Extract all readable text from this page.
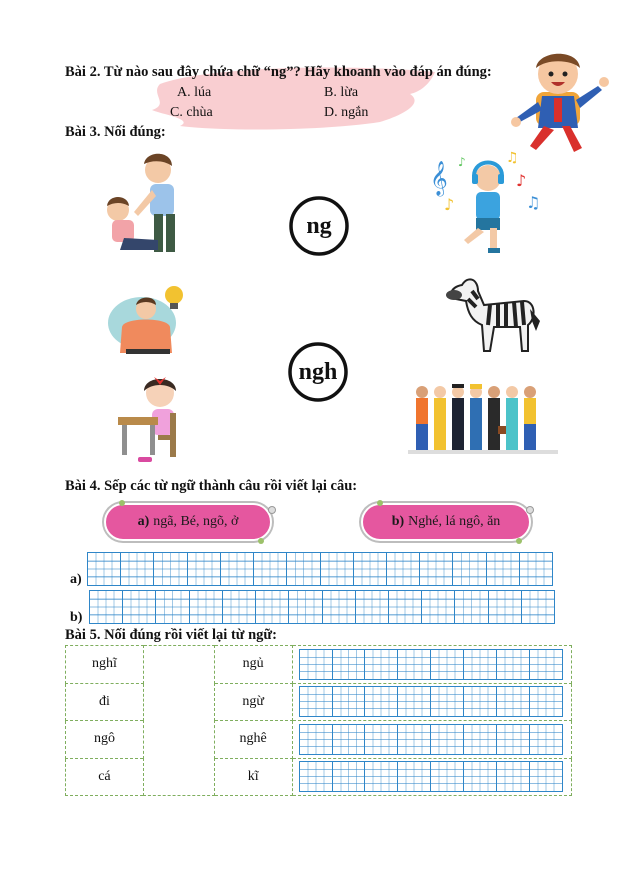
Bài 2. Từ nào sau đây chứa chữ “ng”? Hãy khoanh vào đáp án đúng:
A. lúa	B. lừa
C. chùa	D. ngắn
Bài 3. Nối đúng:
ng
ngh
𝄞 ♪	♫
♪
♪	♫
Bài 4. Sếp các từ ngữ thành câu rồi viết lại câu:
a) ngã, Bé, ngõ, ở	b) Nghé, lá ngô, ăn
a)
b)
Bài 5. Nối đúng rồi viết lại từ ngữ:
nghĩ		ngủ	

đi		ngừ	

ngô		nghê	

cá		kĩ	
